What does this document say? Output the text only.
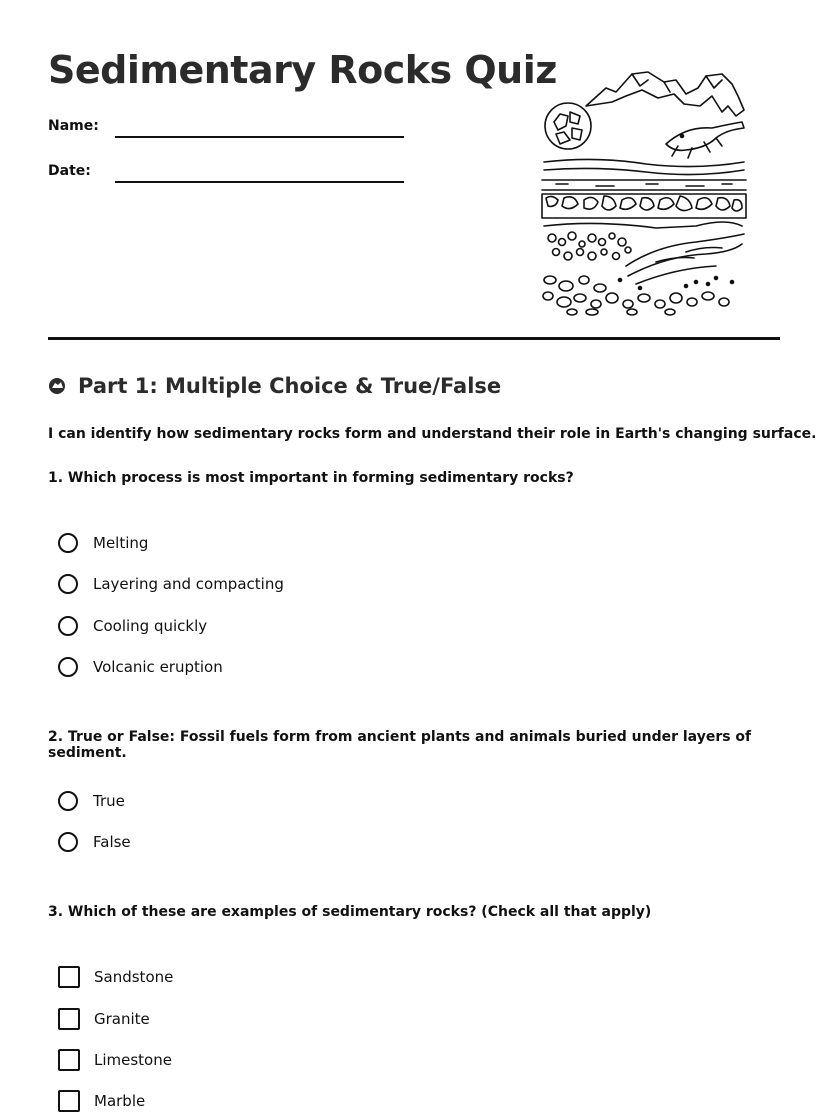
Sedimentary Rocks Quiz
Name:
Date:
Part 1: Multiple Choice & True/False
I can identify how sedimentary rocks form and understand their role in Earth's changing surface.
1. Which process is most important in forming sedimentary rocks?
Melting
Layering and compacting
Cooling quickly
Volcanic eruption
2. True or False: Fossil fuels form from ancient plants and animals buried under layers of sediment.
True
False
3. Which of these are examples of sedimentary rocks? (Check all that apply)
Sandstone
Granite
Limestone
Marble
